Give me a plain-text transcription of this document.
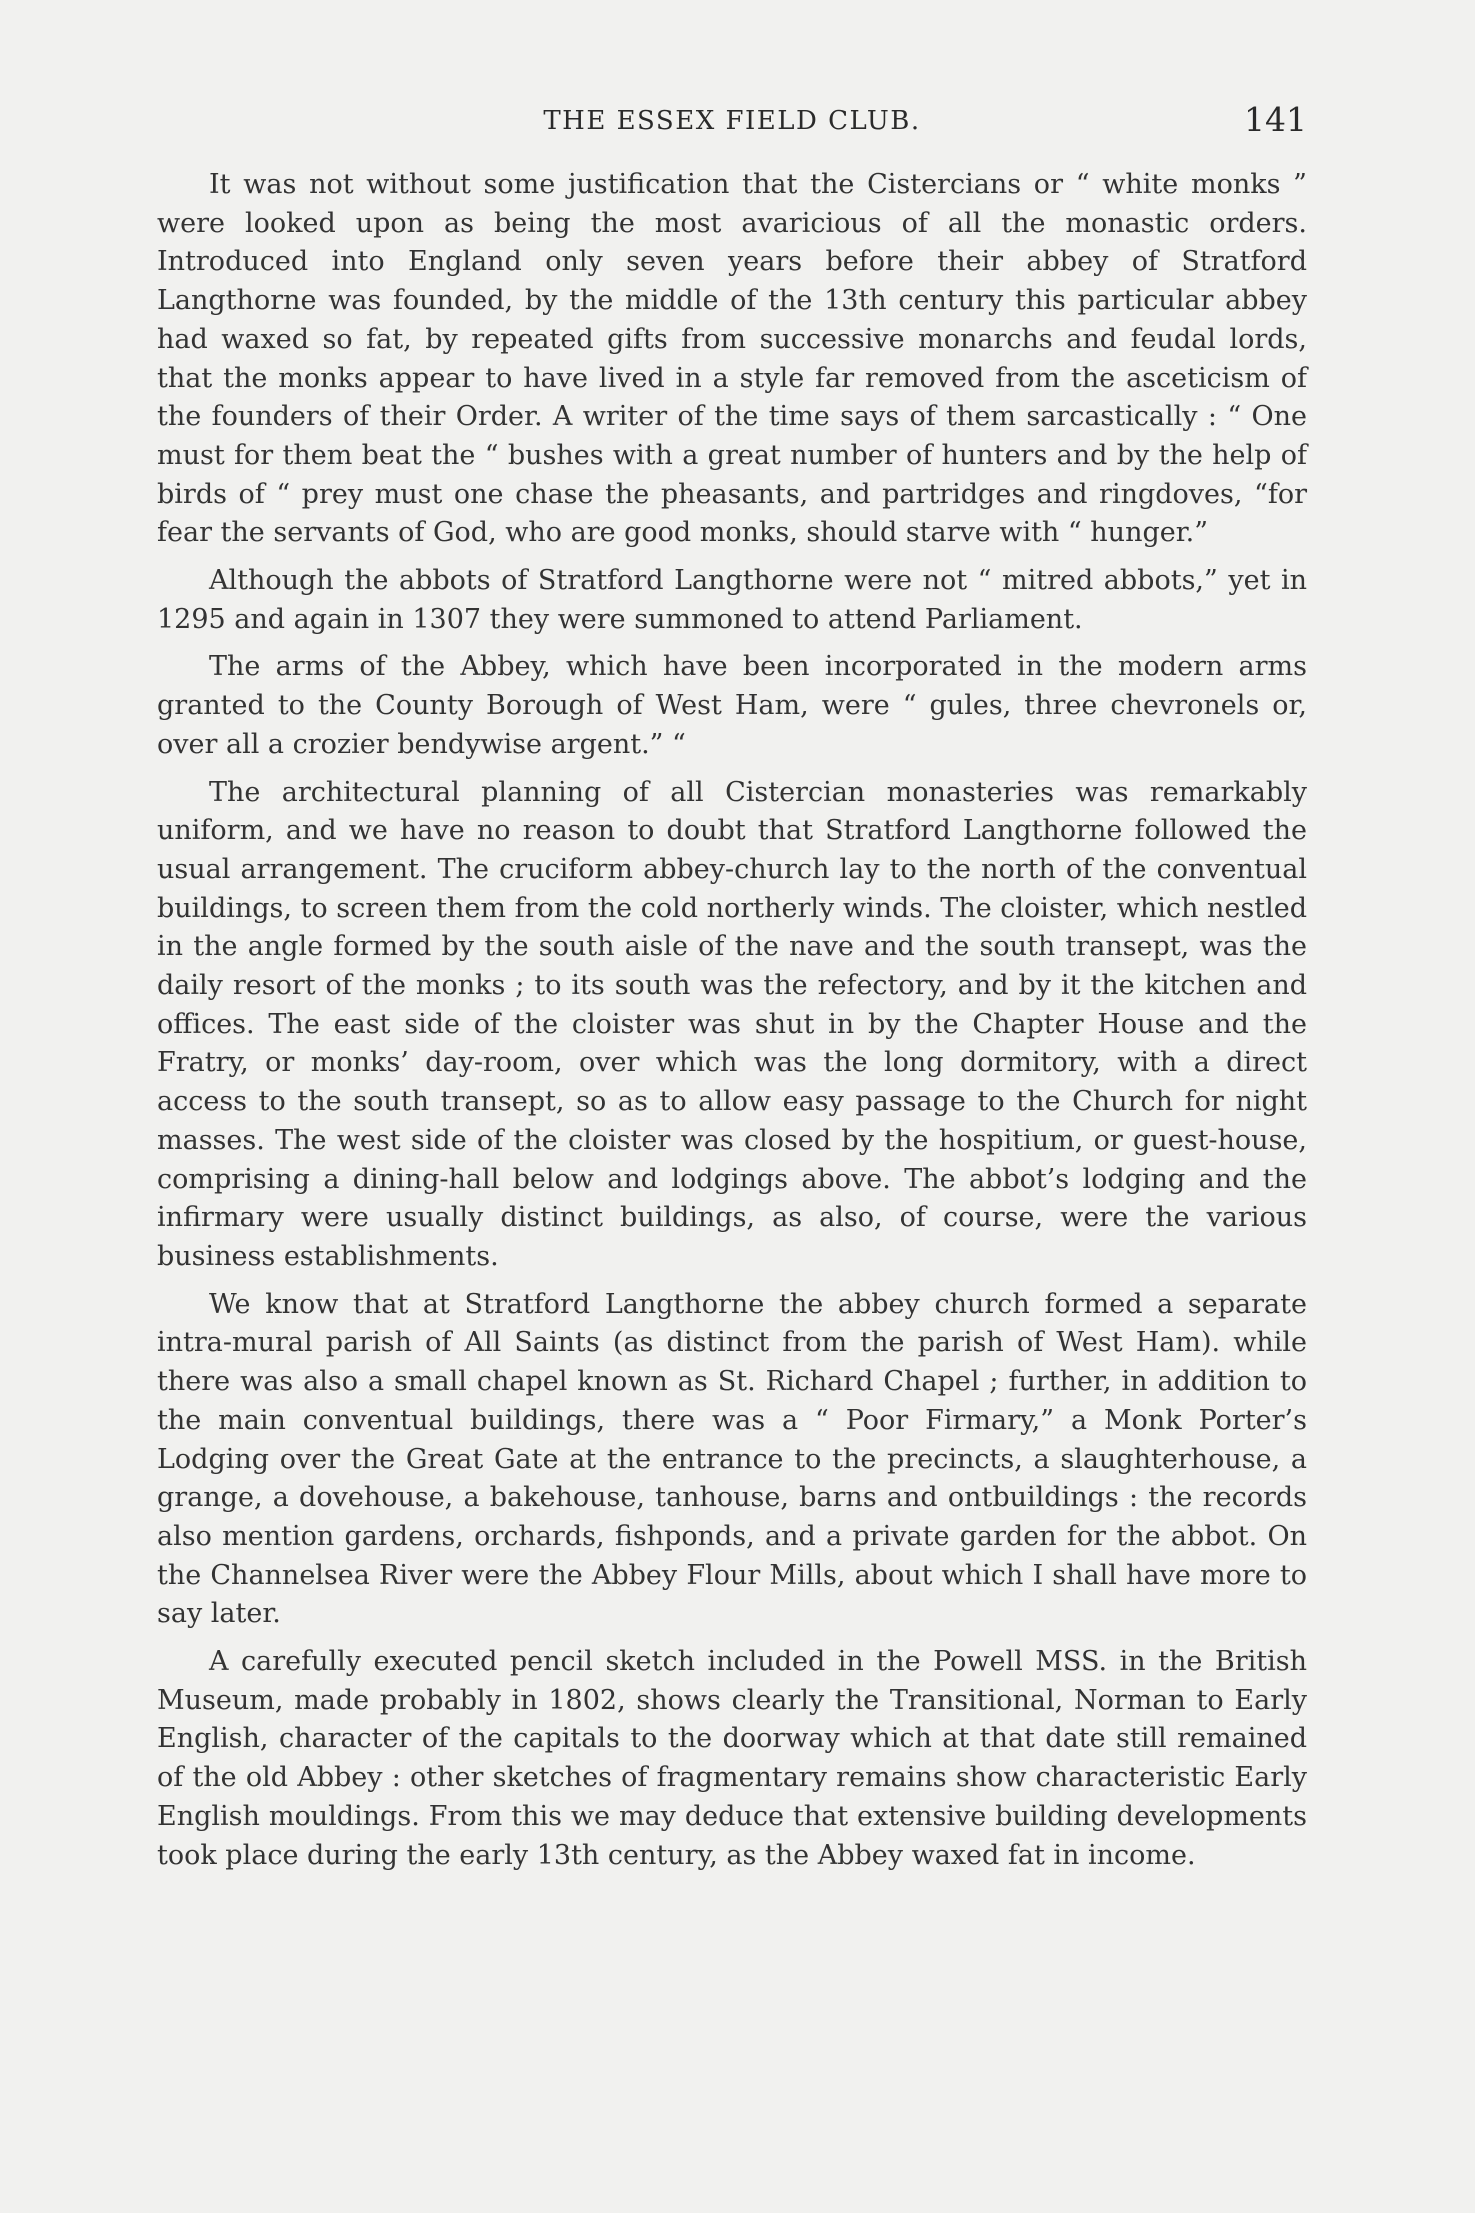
THE ESSEX FIELD CLUB.	141

It was not without some justification that the Cistercians or “ white monks ” were looked upon as being the most avaricious of all the monastic orders. Introduced into England only seven years before their abbey of Stratford Langthorne was founded, by the middle of the 13th century this particular abbey had waxed so fat, by repeated gifts from successive monarchs and feudal lords, that the monks appear to have lived in a style far removed from the asceticism of the founders of their Order. A writer of the time says of them sarcastically : “ One must for them beat the “ bushes with a great number of hunters and by the help of birds of “ prey must one chase the pheasants, and partridges and ringdoves, “for fear the servants of God, who are good monks, should starve with “ hunger.”

Although the abbots of Stratford Langthorne were not “ mitred abbots,” yet in 1295 and again in 1307 they were summoned to attend Parliament.

The arms of the Abbey, which have been incorporated in the modern arms granted to the County Borough of West Ham, were “ gules, three chevronels or, over all a crozier bendywise argent.” “

The architectural planning of all Cistercian monasteries was remarkably uniform, and we have no reason to doubt that Stratford Langthorne followed the usual arrangement. The cruciform abbey-church lay to the north of the conventual buildings, to screen them from the cold northerly winds. The cloister, which nestled in the angle formed by the south aisle of the nave and the south transept, was the daily resort of the monks ; to its south was the refectory, and by it the kitchen and offices. The east side of the cloister was shut in by the Chapter House and the Fratry, or monks’ day-room, over which was the long dormitory, with a direct access to the south transept, so as to allow easy passage to the Church for night masses. The west side of the cloister was closed by the hospitium, or guest-house, comprising a dining-hall below and lodgings above. The abbot’s lodging and the infirmary were usually distinct buildings, as also, of course, were the various business establishments.

We know that at Stratford Langthorne the abbey church formed a separate intra-mural parish of All Saints (as distinct from the parish of West Ham). while there was also a small chapel known as St. Richard Chapel ; further, in addition to the main conventual buildings, there was a “ Poor Firmary,” a Monk Porter’s Lodging over the Great Gate at the entrance to the precincts, a slaughterhouse, a grange, a dovehouse, a bakehouse, tanhouse, barns and ontbuildings : the records also mention gardens, orchards, fishponds, and a private garden for the abbot. On the Channelsea River were the Abbey Flour Mills, about which I shall have more to say later.

A carefully executed pencil sketch included in the Powell MSS. in the British Museum, made probably in 1802, shows clearly the Transitional, Norman to Early English, character of the capitals to the doorway which at that date still remained of the old Abbey : other sketches of fragmentary remains show characteristic Early English mouldings. From this we may deduce that extensive building developments took place during the early 13th century, as the Abbey waxed fat in income.
